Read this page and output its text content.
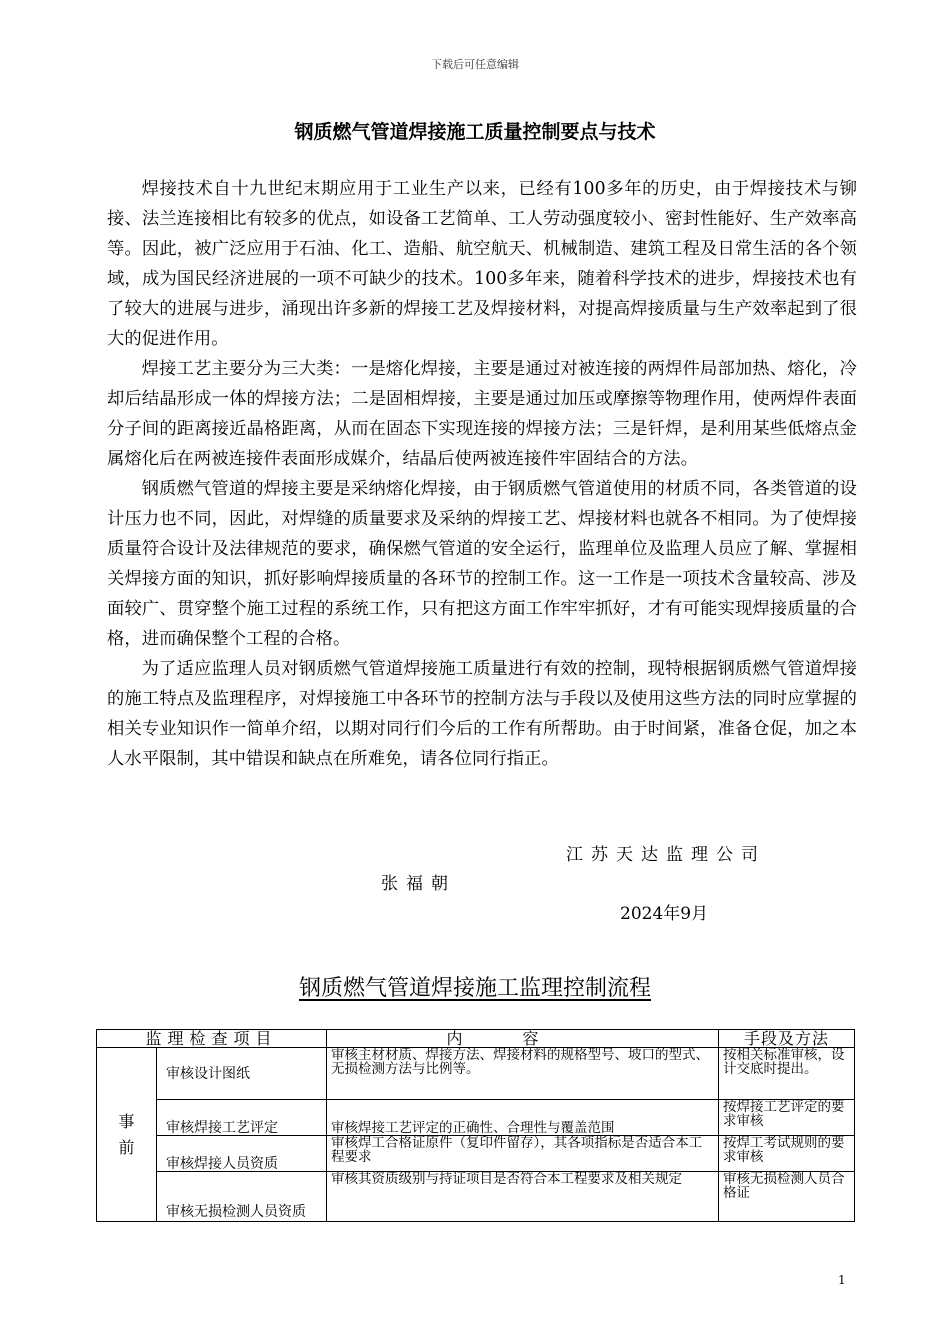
下载后可任意编辑
钢质燃气管道焊接施工质量控制要点与技术

焊接技术自十九世纪末期应用于工业生产以来，已经有100多年的历史，由于焊接技术与铆接、法兰连接相比有较多的优点，如设备工艺简单、工人劳动强度较小、密封性能好、生产效率高等。因此，被广泛应用于石油、化工、造船、航空航天、机械制造、建筑工程及日常生活的各个领域，成为国民经济进展的一项不可缺少的技术。100多年来，随着科学技术的进步，焊接技术也有了较大的进展与进步，涌现出许多新的焊接工艺及焊接材料，对提高焊接质量与生产效率起到了很大的促进作用。

焊接工艺主要分为三大类：一是熔化焊接，主要是通过对被连接的两焊件局部加热、熔化，冷却后结晶形成一体的焊接方法；二是固相焊接，主要是通过加压或摩擦等物理作用，使两焊件表面分子间的距离接近晶格距离，从而在固态下实现连接的焊接方法；三是钎焊，是利用某些低熔点金属熔化后在两被连接件表面形成媒介，结晶后使两被连接件牢固结合的方法。

钢质燃气管道的焊接主要是采纳熔化焊接，由于钢质燃气管道使用的材质不同，各类管道的设计压力也不同，因此，对焊缝的质量要求及采纳的焊接工艺、焊接材料也就各不相同。为了使焊接质量符合设计及法律规范的要求，确保燃气管道的安全运行，监理单位及监理人员应了解、掌握相关焊接方面的知识，抓好影响焊接质量的各环节的控制工作。这一工作是一项技术含量较高、涉及面较广、贯穿整个施工过程的系统工作，只有把这方面工作牢牢抓好，才有可能实现焊接质量的合格，进而确保整个工程的合格。

为了适应监理人员对钢质燃气管道焊接施工质量进行有效的控制，现特根据钢质燃气管道焊接的施工特点及监理程序，对焊接施工中各环节的控制方法与手段以及使用这些方法的同时应掌握的相关专业知识作一简单介绍，以期对同行们今后的工作有所帮助。由于时间紧，准备仓促，加之本人水平限制，其中错误和缺点在所难免，请各位同行指正。

江苏天达监理公司
张福朝
2024年9月
钢质燃气管道焊接施工监理控制流程
监理检查项目		内容	手段及方法

事
前	审核设计图纸	审核主材材质、焊接方法、焊接材料的规格型号、坡口的型式、无损检测方法与比例等。	按相关标准审核，设计交底时提出。
	审核焊接工艺评定	审核焊接工艺评定的正确性、合理性与覆盖范围	按焊接工艺评定的要求审核
	审核焊接人员资质	审核焊工合格证原件（复印件留存），其各项指标是否适合本工程要求	按焊工考试规则的要求审核
	审核无损检测人员资质	审核其资质级别与持证项目是否符合本工程要求及相关规定	审核无损检测人员合格证
1
